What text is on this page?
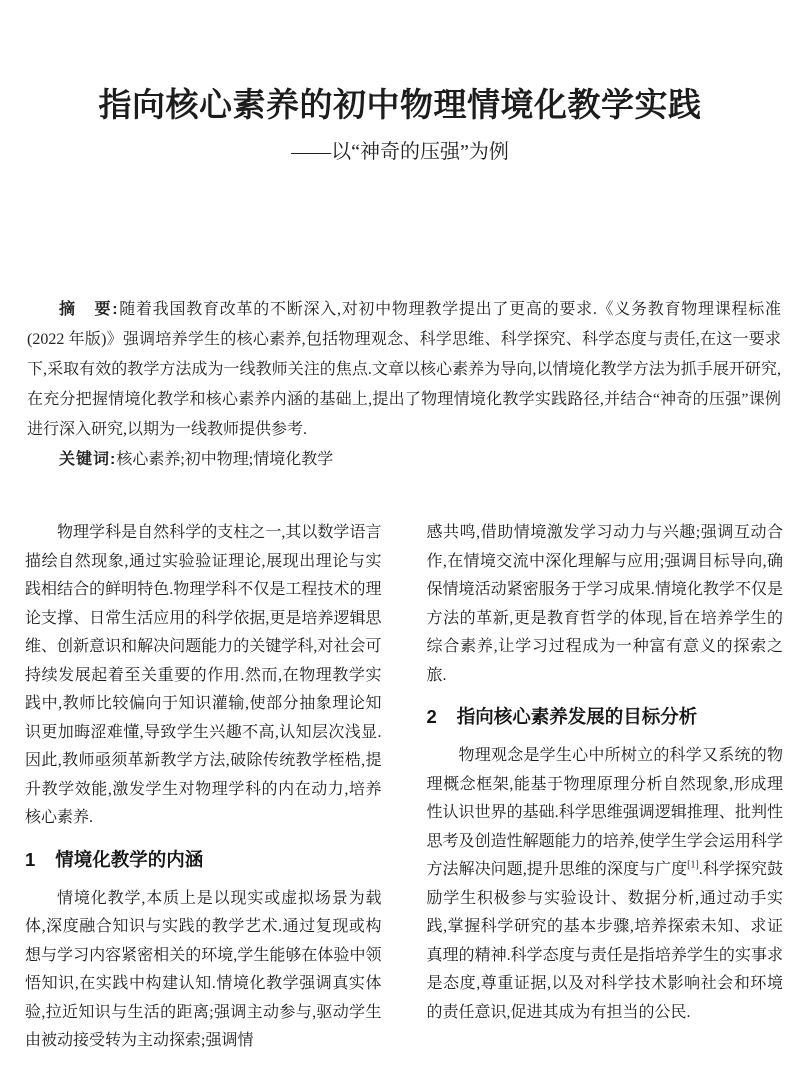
指向核心素养的初中物理情境化教学实践
——以“神奇的压强”为例

摘　要:随着我国教育改革的不断深入,对初中物理教学提出了更高的要求.《义务教育物理课程标准(2022 年版)》强调培养学生的核心素养,包括物理观念、科学思维、科学探究、科学态度与责任,在这一要求下,采取有效的教学方法成为一线教师关注的焦点.文章以核心素养为导向,以情境化教学方法为抓手展开研究,在充分把握情境化教学和核心素养内涵的基础上,提出了物理情境化教学实践路径,并结合“神奇的压强”课例进行深入研究,以期为一线教师提供参考.

关键词:核心素养;初中物理;情境化教学

物理学科是自然科学的支柱之一,其以数学语言描绘自然现象,通过实验验证理论,展现出理论与实践相结合的鲜明特色.物理学科不仅是工程技术的理论支撑、日常生活应用的科学依据,更是培养逻辑思维、创新意识和解决问题能力的关键学科,对社会可持续发展起着至关重要的作用.然而,在物理教学实践中,教师比较偏向于知识灌输,使部分抽象理论知识更加晦涩难懂,导致学生兴趣不高,认知层次浅显.因此,教师亟须革新教学方法,破除传统教学桎梏,提升教学效能,激发学生对物理学科的内在动力,培养核心素养.

1 情境化教学的内涵

情境化教学,本质上是以现实或虚拟场景为载体,深度融合知识与实践的教学艺术.通过复现或构想与学习内容紧密相关的环境,学生能够在体验中领悟知识,在实践中构建认知.情境化教学强调真实体验,拉近知识与生活的距离;强调主动参与,驱动学生由被动接受转为主动探索;强调情

感共鸣,借助情境激发学习动力与兴趣;强调互动合作,在情境交流中深化理解与应用;强调目标导向,确保情境活动紧密服务于学习成果.情境化教学不仅是方法的革新,更是教育哲学的体现,旨在培养学生的综合素养,让学习过程成为一种富有意义的探索之旅.

2 指向核心素养发展的目标分析

物理观念是学生心中所树立的科学又系统的物理概念框架,能基于物理原理分析自然现象,形成理性认识世界的基础.科学思维强调逻辑推理、批判性思考及创造性解题能力的培养,使学生学会运用科学方法解决问题,提升思维的深度与广度[1].科学探究鼓励学生积极参与实验设计、数据分析,通过动手实践,掌握科学研究的基本步骤,培养探索未知、求证真理的精神.科学态度与责任是指培养学生的实事求是态度,尊重证据,以及对科学技术影响社会和环境的责任意识,促进其成为有担当的公民.
